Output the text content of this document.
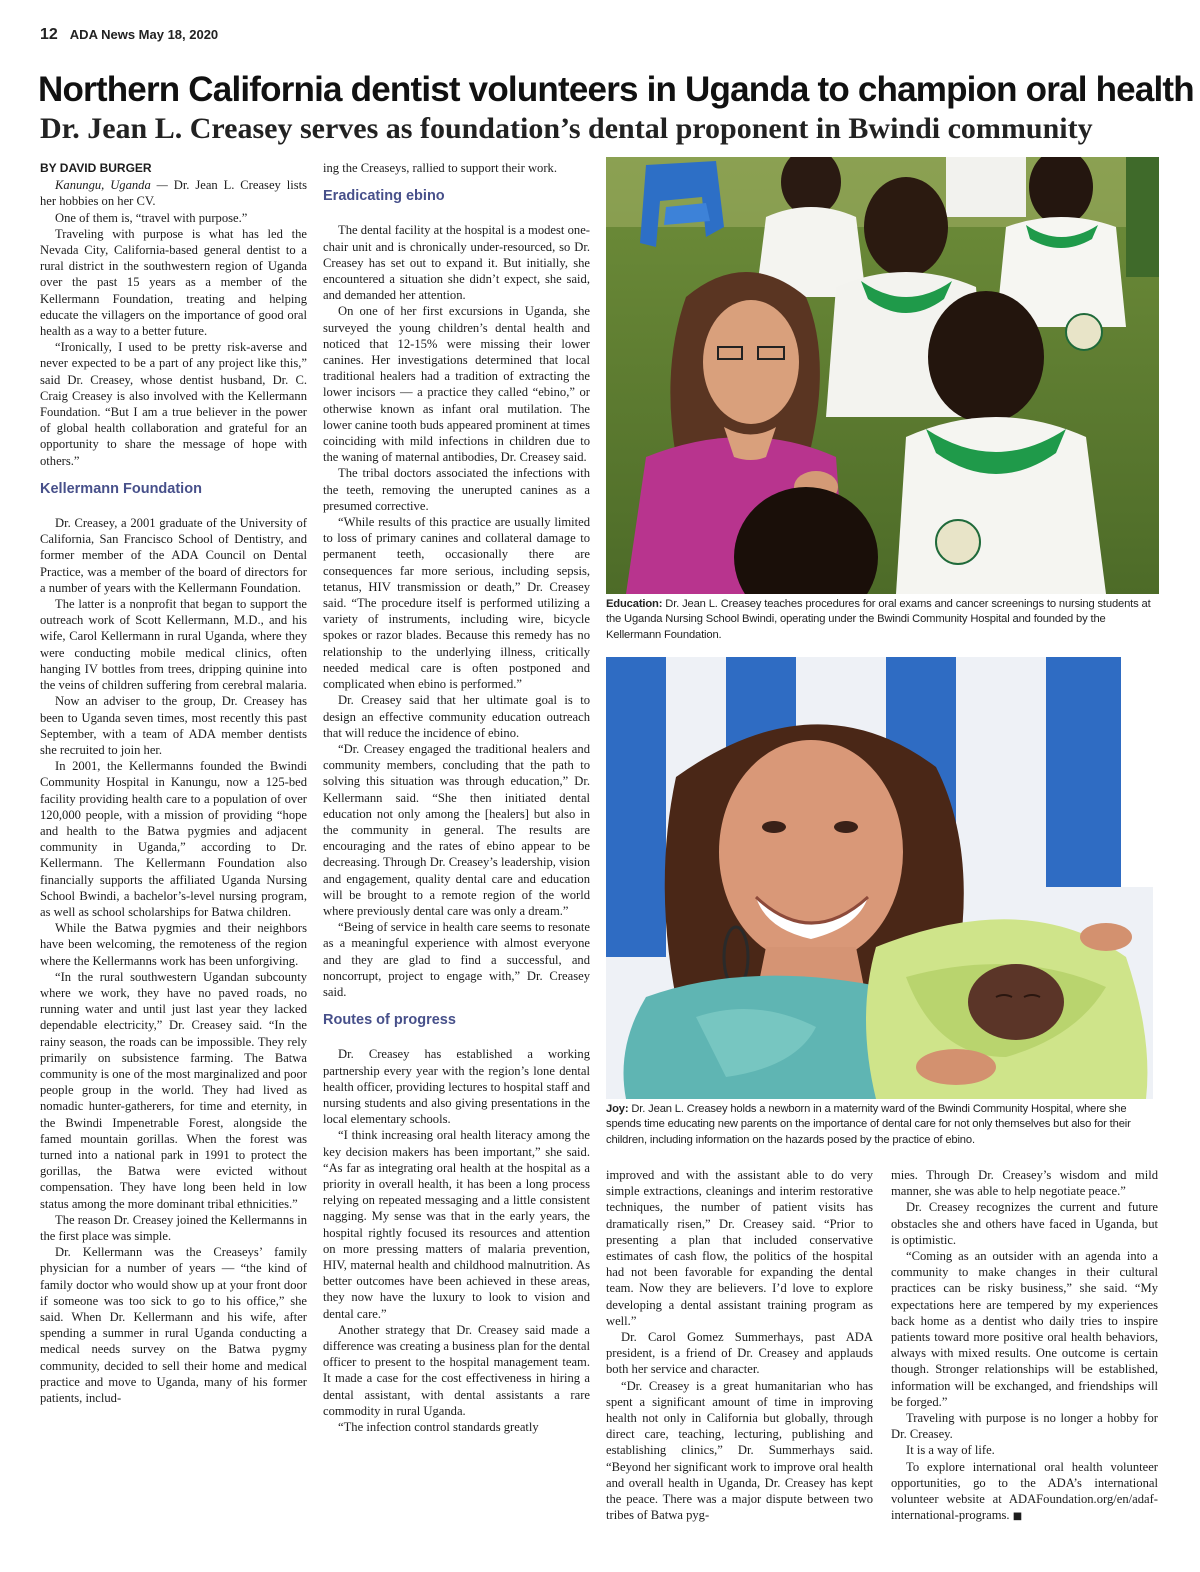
12 ADA News May 18, 2020
Northern California dentist volunteers in Uganda to champion oral health
Dr. Jean L. Creasey serves as foundation’s dental proponent in Bwindi community

BY DAVID BURGER

Kanungu, Uganda — Dr. Jean L. Creasey lists her hobbies on her CV.

One of them is, “travel with purpose.”

Traveling with purpose is what has led the Nevada City, California-based general dentist to a rural district in the southwestern region of Uganda over the past 15 years as a member of the Kellermann Foundation, treating and helping educate the villagers on the importance of good oral health as a way to a better future.

“Ironically, I used to be pretty risk-averse and never expected to be a part of any project like this,” said Dr. Creasey, whose dentist husband, Dr. C. Craig Creasey is also involved with the Kellermann Foundation. “But I am a true believer in the power of global health collaboration and grateful for an opportunity to share the message of hope with others.”

Kellermann Foundation

Dr. Creasey, a 2001 graduate of the University of California, San Francisco School of Dentistry, and former member of the ADA Council on Dental Practice, was a member of the board of directors for a number of years with the Kellermann Foundation.

The latter is a nonprofit that began to support the outreach work of Scott Kellermann, M.D., and his wife, Carol Kellermann in rural Uganda, where they were conducting mobile medical clinics, often hanging IV bottles from trees, dripping quinine into the veins of children suffering from cerebral malaria.

Now an adviser to the group, Dr. Creasey has been to Uganda seven times, most recently this past September, with a team of ADA member dentists she recruited to join her.

In 2001, the Kellermanns founded the Bwindi Community Hospital in Kanungu, now a 125-bed facility providing health care to a population of over 120,000 people, with a mission of providing “hope and health to the Batwa pygmies and adjacent community in Uganda,” according to Dr. Kellermann. The Kellermann Foundation also financially supports the affiliated Uganda Nursing School Bwindi, a bachelor’s-level nursing program, as well as school scholarships for Batwa children.

While the Batwa pygmies and their neighbors have been welcoming, the remoteness of the region where the Kellermanns work has been unforgiving.

“In the rural southwestern Ugandan subcounty where we work, they have no paved roads, no running water and until just last year they lacked dependable electricity,” Dr. Creasey said. “In the rainy season, the roads can be impossible. They rely primarily on subsistence farming. The Batwa community is one of the most marginalized and poor people group in the world. They had lived as nomadic hunter-gatherers, for time and eternity, in the Bwindi Impenetrable Forest, alongside the famed mountain gorillas. When the forest was turned into a national park in 1991 to protect the gorillas, the Batwa were evicted without compensation. They have long been held in low status among the more dominant tribal ethnicities.”

The reason Dr. Creasey joined the Kellermanns in the first place was simple.

Dr. Kellermann was the Creaseys’ family physician for a number of years — “the kind of family doctor who would show up at your front door if someone was too sick to go to his office,” she said. When Dr. Kellermann and his wife, after spending a summer in rural Uganda conducting a medical needs survey on the Batwa pygmy community, decided to sell their home and medical practice and move to Uganda, many of his former patients, includ-

ing the Creaseys, rallied to support their work.

Eradicating ebino

The dental facility at the hospital is a modest one-chair unit and is chronically under-resourced, so Dr. Creasey has set out to expand it. But initially, she encountered a situation she didn’t expect, she said, and demanded her attention.

On one of her first excursions in Uganda, she surveyed the young children’s dental health and noticed that 12-15% were missing their lower canines. Her investigations determined that local traditional healers had a tradition of extracting the lower incisors — a practice they called “ebino,” or otherwise known as infant oral mutilation. The lower canine tooth buds appeared prominent at times coinciding with mild infections in children due to the waning of maternal antibodies, Dr. Creasey said.

The tribal doctors associated the infections with the teeth, removing the unerupted canines as a presumed corrective.

“While results of this practice are usually limited to loss of primary canines and collateral damage to permanent teeth, occasionally there are consequences far more serious, including sepsis, tetanus, HIV transmission or death,” Dr. Creasey said. “The procedure itself is performed utilizing a variety of instruments, including wire, bicycle spokes or razor blades. Because this remedy has no relationship to the underlying illness, critically needed medical care is often postponed and complicated when ebino is performed.”

Dr. Creasey said that her ultimate goal is to design an effective community education outreach that will reduce the incidence of ebino.

“Dr. Creasey engaged the traditional healers and community members, concluding that the path to solving this situation was through education,” Dr. Kellermann said. “She then initiated dental education not only among the [healers] but also in the community in general. The results are encouraging and the rates of ebino appear to be decreasing. Through Dr. Creasey’s leadership, vision and engagement, quality dental care and education will be brought to a remote region of the world where previously dental care was only a dream.”

“Being of service in health care seems to resonate as a meaningful experience with almost everyone and they are glad to find a successful, and noncorrupt, project to engage with,” Dr. Creasey said.

Routes of progress

Dr. Creasey has established a working partnership every year with the region’s lone dental health officer, providing lectures to hospital staff and nursing students and also giving presentations in the local elementary schools.

“I think increasing oral health literacy among the key decision makers has been important,” she said. “As far as integrating oral health at the hospital as a priority in overall health, it has been a long process relying on repeated messaging and a little consistent nagging. My sense was that in the early years, the hospital rightly focused its resources and attention on more pressing matters of malaria prevention, HIV, maternal health and childhood malnutrition. As better outcomes have been achieved in these areas, they now have the luxury to look to vision and dental care.”

Another strategy that Dr. Creasey said made a difference was creating a business plan for the dental officer to present to the hospital management team. It made a case for the cost effectiveness in hiring a dental assistant, with dental assistants a rare commodity in rural Uganda.

“The infection control standards greatly

Education: Dr. Jean L. Creasey teaches procedures for oral exams and cancer screenings to nursing students at the Uganda Nursing School Bwindi, operating under the Bwindi Community Hospital and founded by the Kellermann Foundation.
Joy: Dr. Jean L. Creasey holds a newborn in a maternity ward of the Bwindi Community Hospital, where she spends time educating new parents on the importance of dental care for not only themselves but also for their children, including information on the hazards posed by the practice of ebino.

improved and with the assistant able to do very simple extractions, cleanings and interim restorative techniques, the number of patient visits has dramatically risen,” Dr. Creasey said. “Prior to presenting a plan that included conservative estimates of cash flow, the politics of the hospital had not been favorable for expanding the dental team. Now they are believers. I’d love to explore developing a dental assistant training program as well.”

Dr. Carol Gomez Summerhays, past ADA president, is a friend of Dr. Creasey and applauds both her service and character.

“Dr. Creasey is a great humanitarian who has spent a significant amount of time in improving health not only in California but globally, through direct care, teaching, lecturing, publishing and establishing clinics,” Dr. Summerhays said. “Beyond her significant work to improve oral health and overall health in Uganda, Dr. Creasey has kept the peace. There was a major dispute between two tribes of Batwa pyg-

mies. Through Dr. Creasey’s wisdom and mild manner, she was able to help negotiate peace.”

Dr. Creasey recognizes the current and future obstacles she and others have faced in Uganda, but is optimistic.

“Coming as an outsider with an agenda into a community to make changes in their cultural practices can be risky business,” she said. “My expectations here are tempered by my experiences back home as a dentist who daily tries to inspire patients toward more positive oral health behaviors, always with mixed results. One outcome is certain though. Stronger relationships will be established, information will be exchanged, and friendships will be forged.”

Traveling with purpose is no longer a hobby for Dr. Creasey.

It is a way of life.

To explore international oral health volunteer opportunities, go to the ADA’s international volunteer website at ADAFoundation.org/en/adaf-international-programs. ■
